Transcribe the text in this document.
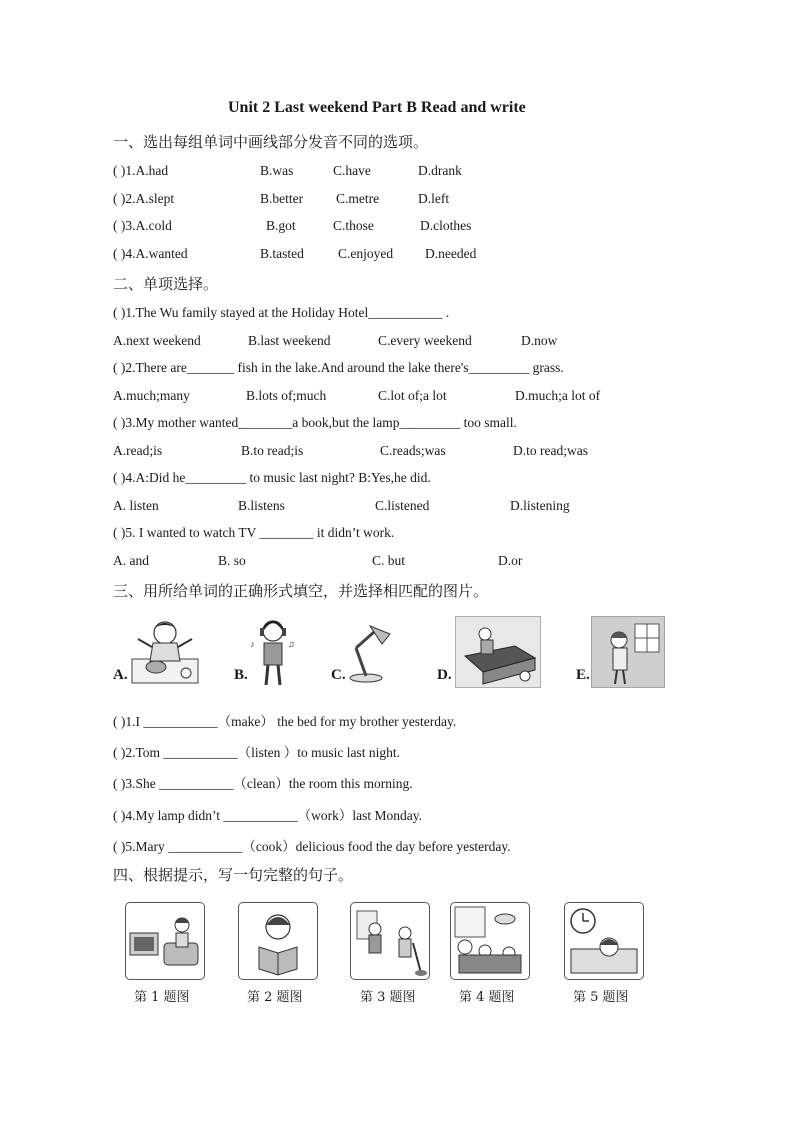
Unit 2 Last weekend Part B Read and write
一、选出每组单词中画线部分发音不同的选项。
( )1.A.had	B.was	C.have	D.drank
( )2.A.slept	B.better C.metre	D.left
( )3.A.cold	B.got	C.those	D.clothes
( )4.A.wanted	B.tasted	C.enjoyed D.needed
二、单项选择。
( )1.The Wu family stayed at the Holiday Hotel___________ .
A.next weekend	B.last weekend	C.every weekend	D.now
( )2.There are_______ fish in the lake.And around the lake there's_________ grass.
A.much;many	B.lots of;much	C.lot of;a lot	D.much;a lot of
( )3.My mother wanted________a book,but the lamp_________ too small.
A.read;is	B.to read;is	C.reads;was	D.to read;was
( )4.A:Did he_________ to music last night? B:Yes,he did.
A. listen	B.listens	C.listened	D.listening
( )5. I wanted to watch TV ________ it didn’t work.
A. and	B. so	C. but	D.or
三、用所给单词的正确形式填空，并选择相匹配的图片。
A.	B.
♪	♫
C.	D.	E.
( )1.I ___________（make） the bed for my brother yesterday.
( )2.Tom ___________（listen ）to music last night.
( )3.She ___________（clean）the room this morning.
( )4.My lamp didn’t ___________（work）last Monday.
( )5.Mary ___________（cook）delicious food the day before yesterday.
四、根据提示，写一句完整的句子。
第 1 题图	第 2 题图	第 3 题图	第 4 题图	第 5 题图
